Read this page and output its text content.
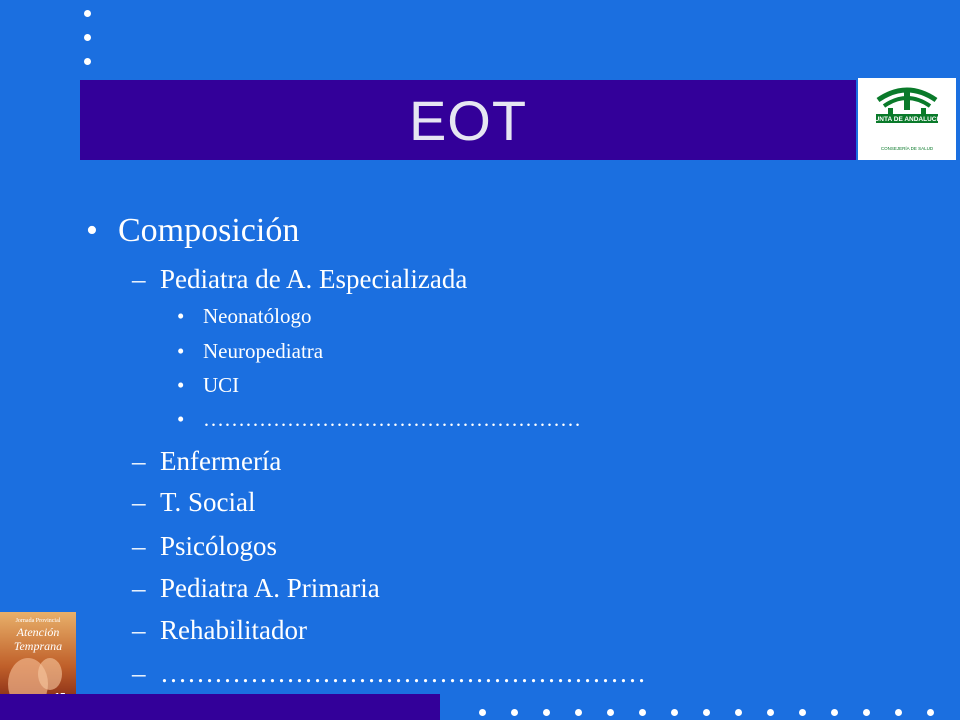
EOT	JUNTA DE ANDALUCIA
CONSEJERÍA DE SALUD
• Composición
– Pediatra de A. Especializada
• Neonatólogo
• Neuropediatra
• UCI
• ………………………………………………
– Enfermería
– T. Social
– Psicólogos
– Pediatra A. Primaria
– Rehabilitador
– ………………………………………………
Jornada Provincial
Atención
Temprana
